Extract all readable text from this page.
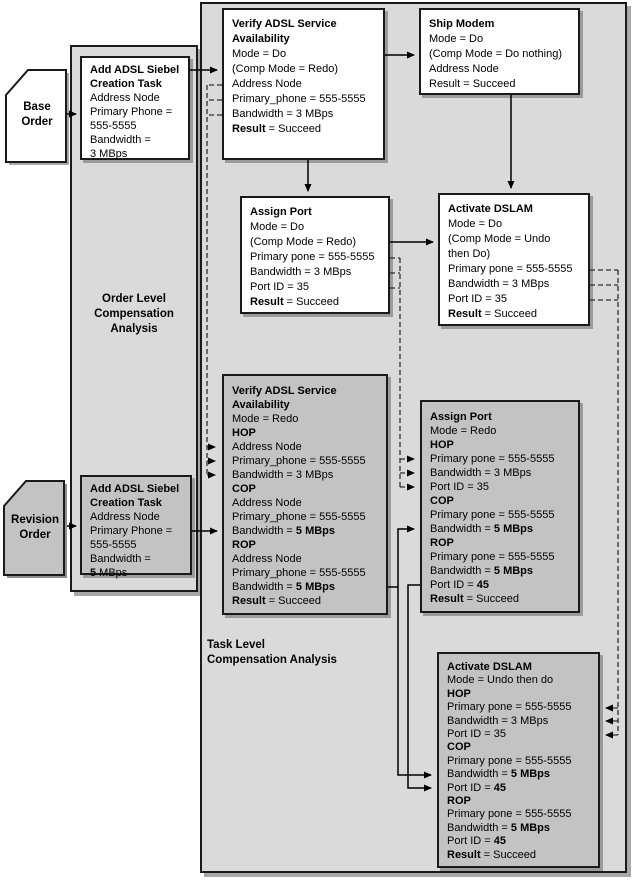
Base
Order
Revision
Order
Add ADSL Siebel
Creation Task
Address Node
Primary Phone =
555-5555
Bandwidth =
3 MBps
Order Level
Compensation
Analysis
Add ADSL Siebel
Creation Task
Address Node
Primary Phone =
555-5555
Bandwidth =
5 MBps
Verify ADSL Service
Availability
Mode = Do
(Comp Mode = Redo)
Address Node
Primary_phone = 555-5555
Bandwidth = 3 MBps
Result = Succeed
Ship Modem
Mode = Do
(Comp Mode = Do nothing)
Address Node
Result = Succeed
Assign Port
Mode = Do
(Comp Mode = Redo)
Primary pone = 555-5555
Bandwidth = 3 MBps
Port ID = 35
Result = Succeed
Activate DSLAM
Mode = Do
(Comp Mode = Undo
then Do)
Primary pone = 555-5555
Bandwidth = 3 MBps
Port ID = 35
Result = Succeed
Verify ADSL Service
Availability
Mode = Redo
HOP
Address Node
Primary_phone = 555-5555
Bandwidth = 3 MBps
COP
Address Node
Primary_phone = 555-5555
Bandwidth = 5 MBps
ROP
Address Node
Primary_phone = 555-5555
Bandwidth = 5 MBps
Result = Succeed
Assign Port
Mode = Redo
HOP
Primary pone = 555-5555
Bandwidth = 3 MBps
Port ID = 35
COP
Primary pone = 555-5555
Bandwidth = 5 MBps
ROP
Primary pone = 555-5555
Bandwidth = 5 MBps
Port ID = 45
Result = Succeed
Task Level
Compensation Analysis
Activate DSLAM
Mode = Undo then do
HOP
Primary pone = 555-5555
Bandwidth = 3 MBps
Port ID = 35
COP
Primary pone = 555-5555
Bandwidth = 5 MBps
Port ID = 45
ROP
Primary pone = 555-5555
Bandwidth = 5 MBps
Port ID = 45
Result = Succeed
